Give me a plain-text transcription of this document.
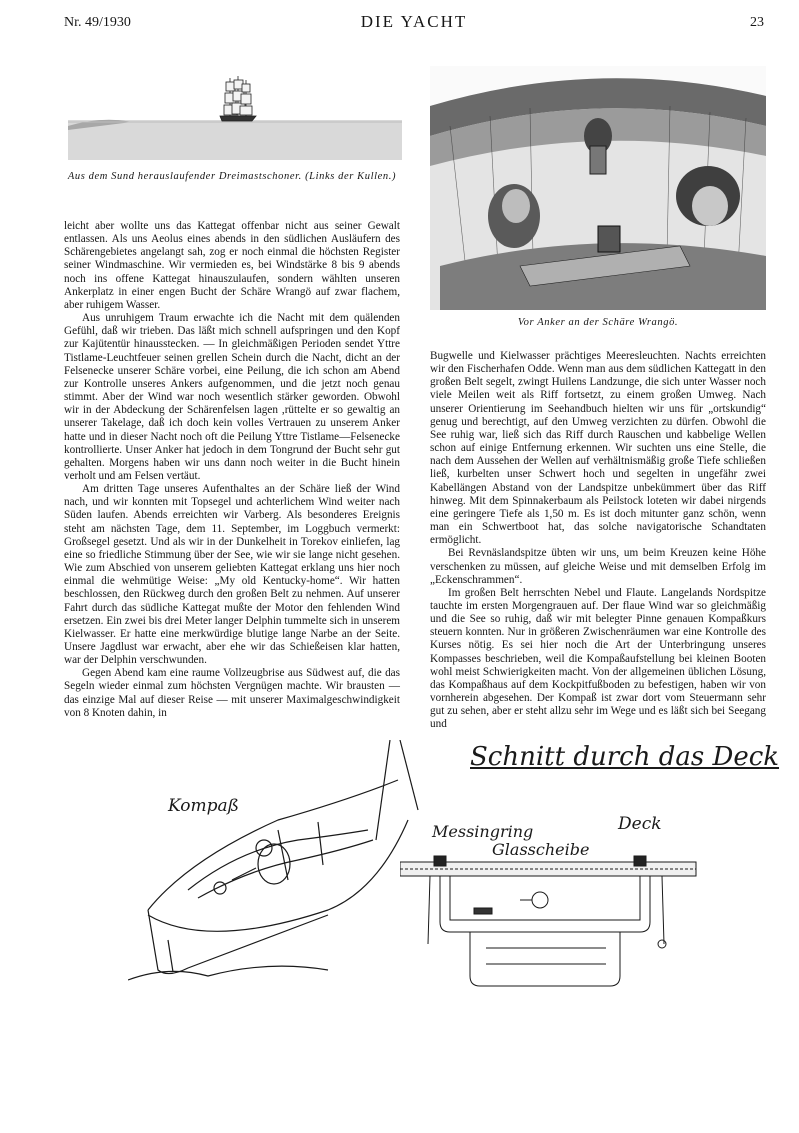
Nr. 49/1930	DIE YACHT	23
Aus dem Sund herauslaufender Dreimastschoner. (Links der Kullen.)
Vor Anker an der Schäre Wrangö.

leicht aber wollte uns das Kattegat offenbar nicht aus seiner Gewalt entlassen. Als uns Aeolus eines abends in den südlichen Ausläufern des Schärengebietes angelangt sah, zog er noch einmal die höchsten Register seiner Windmaschine. Wir vermieden es, bei Windstärke 8 bis 9 abends noch ins offene Kattegat hinauszulaufen, sondern wählten unseren Ankerplatz in einer engen Bucht der Schäre Wrangö auf zwar flachem, aber ruhigem Wasser.

Aus unruhigem Traum erwachte ich die Nacht mit dem quälenden Gefühl, daß wir trieben. Das läßt mich schnell aufspringen und den Kopf zur Kajütentür hinausstecken. — In gleichmäßigen Perioden sendet Yttre Tistlame-Leuchtfeuer seinen grellen Schein durch die Nacht, dicht an der Felsenecke unserer Schäre vorbei, eine Peilung, die ich schon am Abend zur Kontrolle unseres Ankers aufgenommen, und die jetzt noch genau stimmt. Aber der Wind war noch wesentlich stärker geworden. Obwohl wir in der Abdeckung der Schärenfelsen lagen ,rüttelte er so gewaltig an unserer Takelage, daß ich doch kein volles Vertrauen zu unserem Anker hatte und in dieser Nacht noch oft die Peilung Yttre Tistlame—Felsenecke kontrollierte. Unser Anker hat jedoch in dem Tongrund der Bucht sehr gut gehalten. Morgens haben wir uns dann noch weiter in die Bucht hinein verholt und am Felsen vertäut.

Am dritten Tage unseres Aufenthaltes an der Schäre ließ der Wind nach, und wir konnten mit Topsegel und achterlichem Wind weiter nach Süden laufen. Abends erreichten wir Varberg. Als besonderes Ereignis steht am nächsten Tage, dem 11. September, im Loggbuch vermerkt: Großsegel gesetzt. Und als wir in der Dunkelheit in Torekov einliefen, lag eine so friedliche Stimmung über der See, wie wir sie lange nicht gesehen. Wie zum Abschied von unserem geliebten Kattegat erklang uns hier noch einmal die wehmütige Weise: „My old Kentucky-home“. Wir hatten beschlossen, den Rückweg durch den großen Belt zu nehmen. Auf unserer Fahrt durch das südliche Kattegat mußte der Motor den fehlenden Wind ersetzen. Ein zwei bis drei Meter langer Delphin tummelte sich in unserem Kielwasser. Er hatte eine merkwürdige blutige lange Narbe an der Seite. Unsere Jagdlust war erwacht, aber ehe wir das Schießeisen klar hatten, war der Delphin verschwunden.

Gegen Abend kam eine raume Vollzeugbrise aus Südwest auf, die das Segeln wieder einmal zum höchsten Vergnügen machte. Wir brausten — das einzige Mal auf dieser Reise — mit unserer Maximalgeschwindigkeit von 8 Knoten dahin, in

Bugwelle und Kielwasser prächtiges Meeresleuchten. Nachts erreichten wir den Fischerhafen Odde. Wenn man aus dem südlichen Kattegatt in den großen Belt segelt, zwingt Huilens Landzunge, die sich unter Wasser noch viele Meilen weit als Riff fortsetzt, zu einem großen Umweg. Nach unserer Orientierung im Seehandbuch hielten wir uns für „ortskundig“ genug und berechtigt, auf den Umweg verzichten zu dürfen. Obwohl die See ruhig war, ließ sich das Riff durch Rauschen und kabbelige Wellen schon auf einige Entfernung erkennen. Wir suchten uns eine Stelle, die nach dem Aussehen der Wellen auf verhältnismäßig große Tiefe schließen ließ, kurbelten unser Schwert hoch und segelten in ungefähr zwei Kabellängen Abstand von der Landspitze unbekümmert über das Riff hinweg. Mit dem Spinnakerbaum als Peilstock loteten wir dabei nirgends eine geringere Tiefe als 1,50 m. Es ist doch mitunter ganz schön, wenn man ein Schwertboot hat, das solche navigatorische Schandtaten ermöglicht.

Bei Revnäslandspitze übten wir uns, um beim Kreuzen keine Höhe verschenken zu müssen, auf gleiche Weise und mit demselben Erfolg im „Eckenschrammen“.

Im großen Belt herrschten Nebel und Flaute. Langelands Nordspitze tauchte im ersten Morgengrauen auf. Der flaue Wind war so gleichmäßig und die See so ruhig, daß wir mit belegter Pinne genauen Kompaßkurs steuern konnten. Nur in größeren Zwischenräumen war eine Kontrolle des Kurses nötig. Es sei hier noch die Art der Unterbringung unseres Kompasses beschrieben, weil die Kompaßaufstellung bei kleinen Booten wohl meist Schwierigkeiten macht. Von der allgemeinen üblichen Lösung, das Kompaßhaus auf dem Kockpitfußboden zu befestigen, haben wir von vornherein abgesehen. Der Kompaß ist zwar dort vom Steuermann sehr gut zu sehen, aber er steht allzu sehr im Wege und es läßt sich bei Seegang und

Kompaß
Schnitt durch das Deck
Messingring
Glasscheibe
Deck
